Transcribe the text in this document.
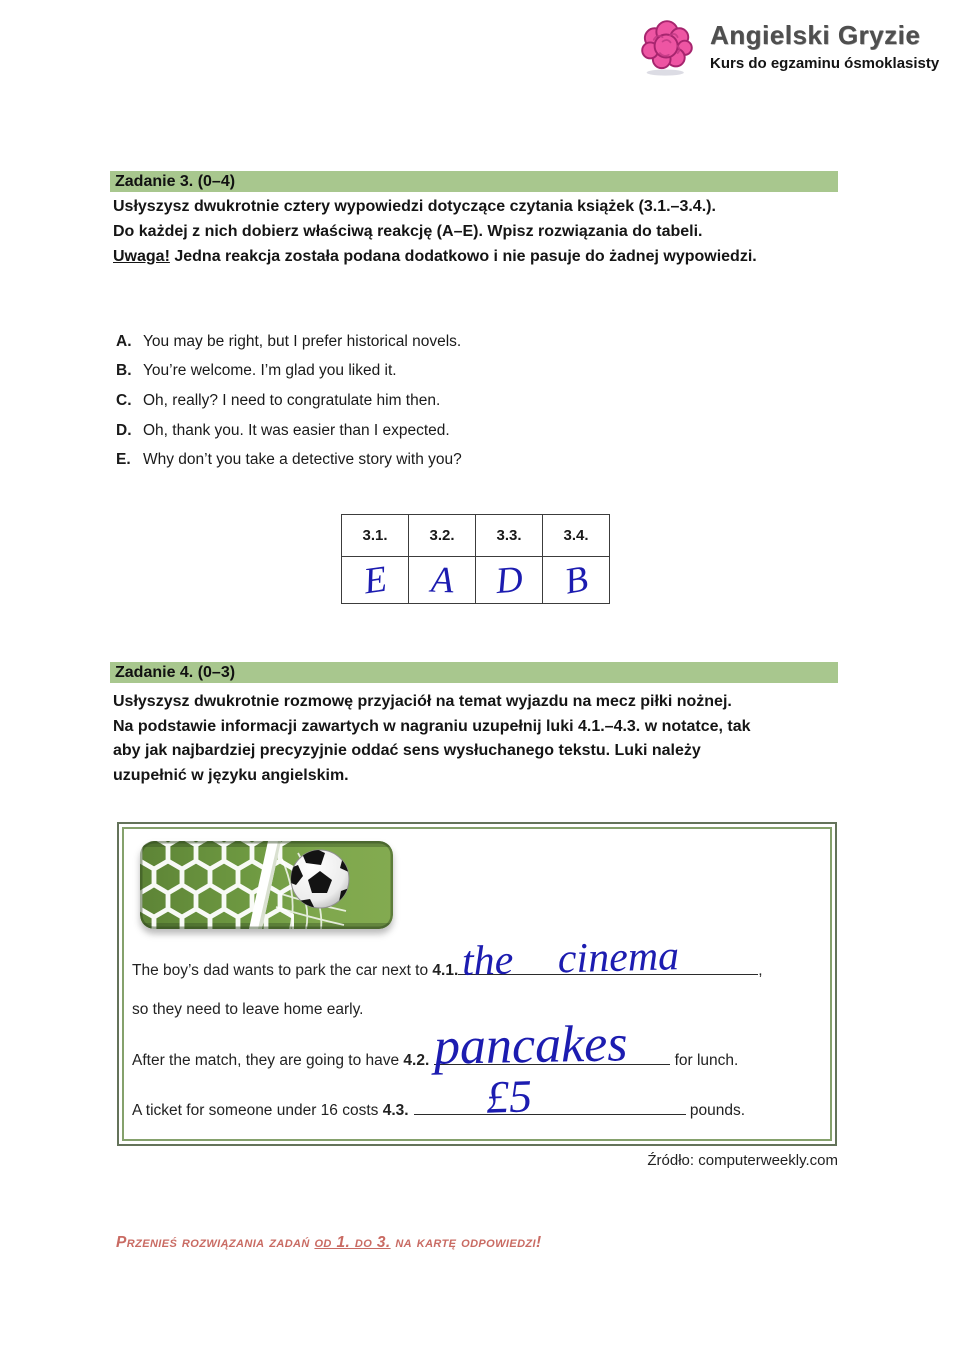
Angielski Gryzie
Kurs do egzaminu ósmoklasisty
Zadanie 3. (0–4)
Usłyszysz dwukrotnie cztery wypowiedzi dotyczące czytania książek (3.1.–3.4.).
Do każdej z nich dobierz właściwą reakcję (A–E). Wpisz rozwiązania do tabeli.
Uwaga! Jedna reakcja została podana dodatkowo i nie pasuje do żadnej wypowiedzi.
A. You may be right, but I prefer historical novels.
B. You’re welcome. I’m glad you liked it.
C. Oh, really? I need to congratulate him then.
D. Oh, thank you. It was easier than I expected.
E. Why don’t you take a detective story with you?
3.1.	3.2.	3.3.	3.4.
E	A	D	B
Zadanie 4. (0–3)
Usłyszysz dwukrotnie rozmowę przyjaciół na temat wyjazdu na mecz piłki nożnej.
Na podstawie informacji zawartych w nagraniu uzupełnij luki 4.1.–4.3. w notatce, tak
aby jak najbardziej precyzyjnie oddać sens wysłuchanego tekstu. Luki należy
uzupełnić w języku angielskim.
The boy’s dad wants to park the car next to 4.1. the cinema	,
so they need to leave home early.
After the match, they are going to have 4.2. pancakes	for lunch.
A ticket for someone under 16 costs 4.3. £5	pounds.
Źródło: computerweekly.com
Przenieś rozwiązania zadań od 1. do 3. na kartę odpowiedzi!
